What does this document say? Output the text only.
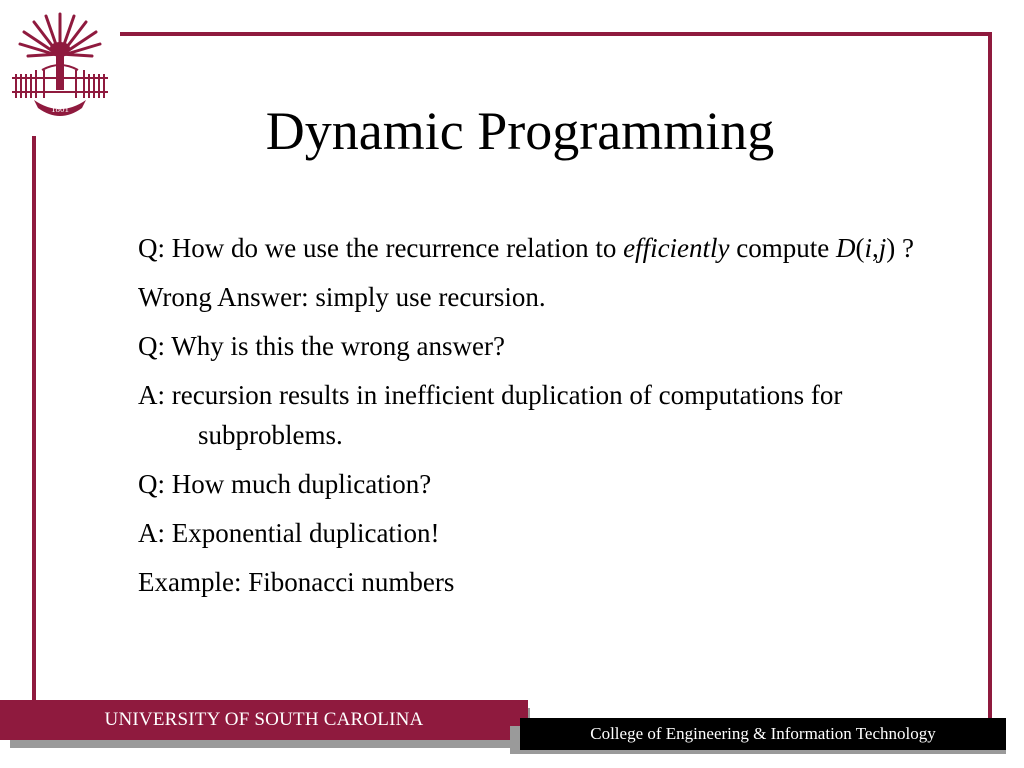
1801	Dynamic Programming

Q: How do we use the recurrence relation to efficiently compute D(i,j) ?

Wrong Answer: simply use recursion.

Q: Why is this the wrong answer?

A: recursion results in inefficient duplication of computations for subproblems.

Q: How much duplication?

A: Exponential duplication!

Example: Fibonacci numbers

UNIVERSITY OF SOUTH CAROLINA
College of Engineering & Information Technology
